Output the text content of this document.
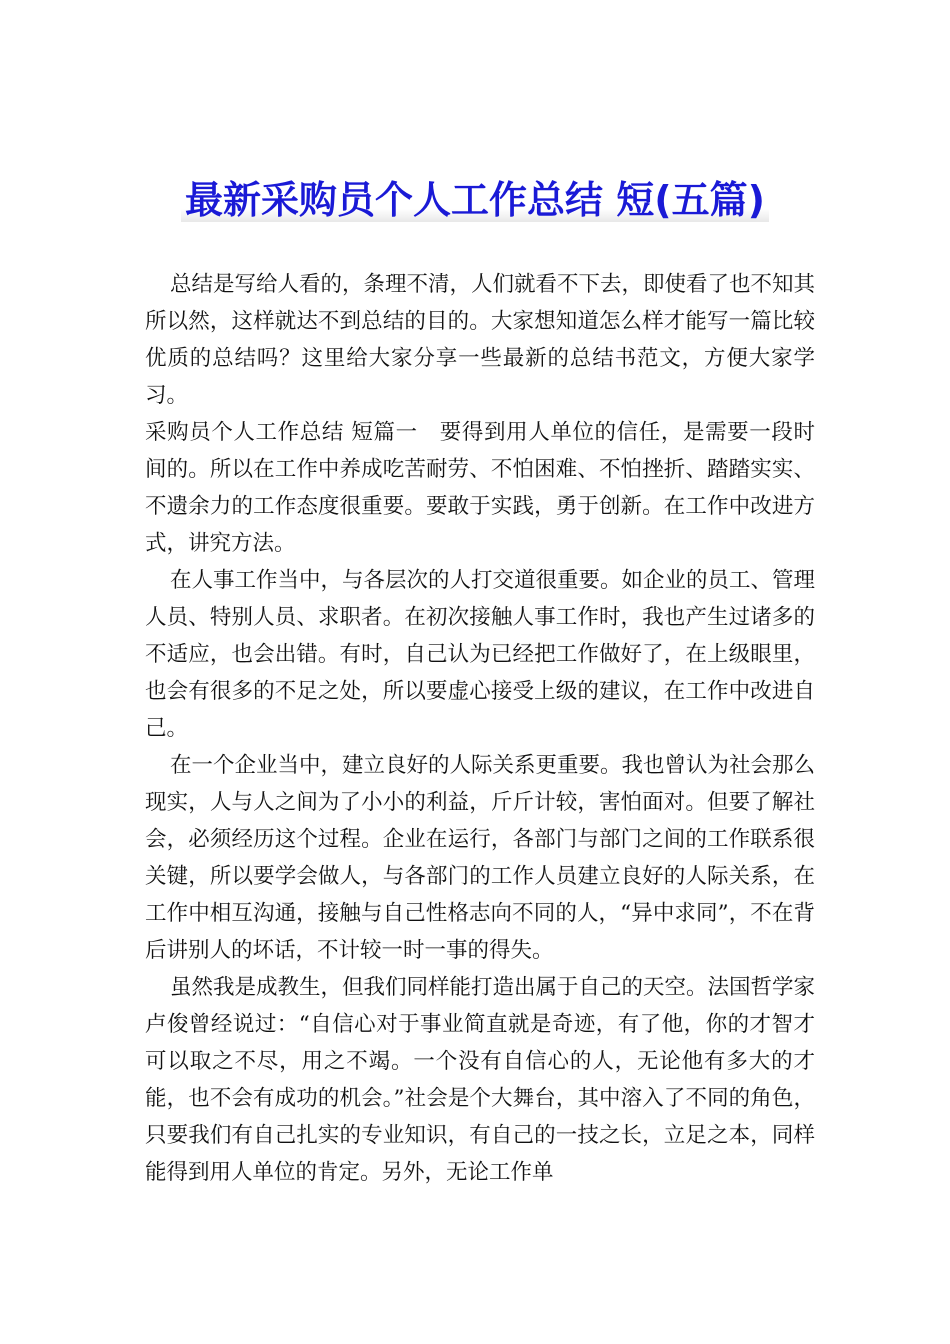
最新采购员个人工作总结 短(五篇)

总结是写给人看的，条理不清，人们就看不下去，即使看了也不知其所以然，这样就达不到总结的目的。大家想知道怎么样才能写一篇比较优质的总结吗？这里给大家分享一些最新的总结书范文，方便大家学习。

采购员个人工作总结 短篇一　要得到用人单位的信任，是需要一段时间的。所以在工作中养成吃苦耐劳、不怕困难、不怕挫折、踏踏实实、不遗余力的工作态度很重要。要敢于实践，勇于创新。在工作中改进方式，讲究方法。

在人事工作当中，与各层次的人打交道很重要。如企业的员工、管理人员、特别人员、求职者。在初次接触人事工作时，我也产生过诸多的不适应，也会出错。有时，自己认为已经把工作做好了，在上级眼里，也会有很多的不足之处，所以要虚心接受上级的建议，在工作中改进自己。

在一个企业当中，建立良好的人际关系更重要。我也曾认为社会那么现实，人与人之间为了小小的利益，斤斤计较，害怕面对。但要了解社会，必须经历这个过程。企业在运行，各部门与部门之间的工作联系很关键，所以要学会做人，与各部门的工作人员建立良好的人际关系，在工作中相互沟通，接触与自己性格志向不同的人，“异中求同”，不在背后讲别人的坏话，不计较一时一事的得失。

虽然我是成教生，但我们同样能打造出属于自己的天空。法国哲学家卢俊曾经说过：“自信心对于事业简直就是奇迹，有了他，你的才智才可以取之不尽，用之不竭。一个没有自信心的人，无论他有多大的才能，也不会有成功的机会。”社会是个大舞台，其中溶入了不同的角色，只要我们有自己扎实的专业知识，有自己的一技之长，立足之本，同样能得到用人单位的肯定。另外，无论工作单
